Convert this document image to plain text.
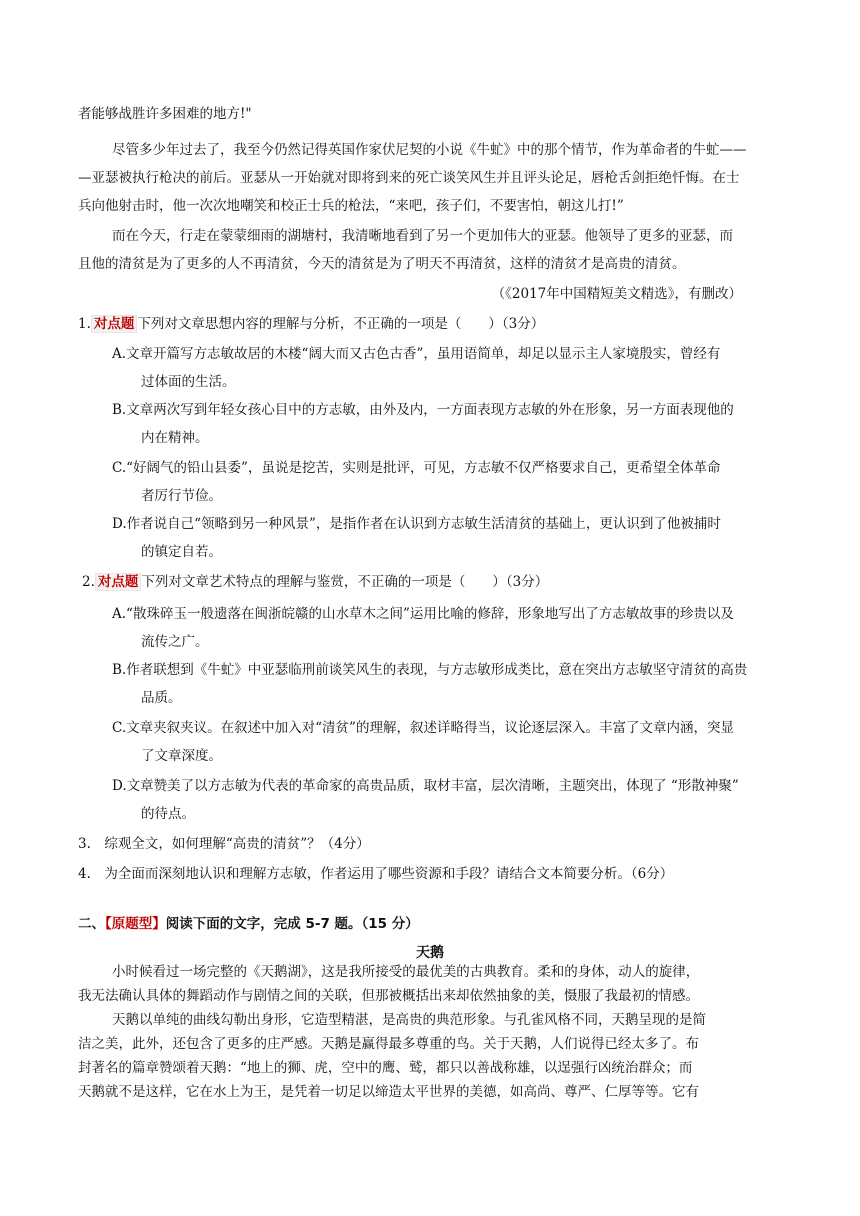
者能够战胜许多困难的地方!"
尽管多少年过去了，我至今仍然记得英国作家伏尼契的小说《牛虻》中的那个情节，作为革命者的牛虻——
—亚瑟被执行枪决的前后。亚瑟从一开始就对即将到来的死亡谈笑风生并且评头论足，唇枪舌剑拒绝忏悔。在士
兵向他射击时，他一次次地嘲笑和校正士兵的枪法，“来吧，孩子们，不要害怕，朝这儿打!”
而在今天，行走在蒙蒙细雨的湖塘村，我清晰地看到了另一个更加伟大的亚瑟。他领导了更多的亚瑟，而
且他的清贫是为了更多的人不再清贫，今天的清贫是为了明天不再清贫，这样的清贫才是高贵的清贫。
（《2017年中国精短美文精选》，有删改）
1. 对点题 下列对文章思想内容的理解与分析，不正确的一项是（　　）（3分）
A.文章开篇写方志敏故居的木楼“阔大而又古色古香”，虽用语简单，却足以显示主人家境殷实，曾经有
过体面的生活。
B.文章两次写到年轻女孩心目中的方志敏，由外及内，一方面表现方志敏的外在形象，另一方面表现他的
内在精神。
C.“好阔气的铅山县委”，虽说是挖苦，实则是批评，可见，方志敏不仅严格要求自己，更希望全体革命
者厉行节俭。
D.作者说自己“领略到另一种风景”，是指作者在认识到方志敏生活清贫的基础上，更认识到了他被捕时
的镇定自若。
2. 对点题 下列对文章艺术特点的理解与鉴赏，不正确的一项是（　　）（3分）
A.“散珠碎玉一般遗落在闽浙皖赣的山水草木之间”运用比喻的修辞，形象地写出了方志敏故事的珍贵以及
流传之广。
B.作者联想到《牛虻》中亚瑟临刑前谈笑风生的表现，与方志敏形成类比，意在突出方志敏坚守清贫的高贵
品质。
C.文章夹叙夹议。在叙述中加入对“清贫”的理解，叙述详略得当，议论逐层深入。丰富了文章内涵，突显
了文章深度。
D.文章赞美了以方志敏为代表的革命家的高贵品质，取材丰富，层次清晰，主题突出，体现了 “形散神聚”
的待点。
3.　综观全文，如何理解“高贵的清贫”？（4分）
4.　为全面而深刻地认识和理解方志敏，作者运用了哪些资源和手段？请结合文本简要分析。（6分）
二、【原题型】阅读下面的文字，完成 5-7 题。（15 分）
天鹅
小时候看过一场完整的《天鹅湖》，这是我所接受的最优美的古典教育。柔和的身体，动人的旋律，
我无法确认具体的舞蹈动作与剧情之间的关联，但那被概括出来却依然抽象的美，慑服了我最初的情感。
天鹅以单纯的曲线勾勒出身形，它造型精湛，是高贵的典范形象。与孔雀风格不同，天鹅呈现的是简
洁之美，此外，还包含了更多的庄严感。天鹅是赢得最多尊重的鸟。关于天鹅，人们说得已经太多了。布
封著名的篇章赞颂着天鹅：“地上的狮、虎，空中的鹰、鹫，都只以善战称雄，以逞强行凶统治群众；而
天鹅就不是这样，它在水上为王，是凭着一切足以缔造太平世界的美德，如高尚、尊严、仁厚等等。它有
